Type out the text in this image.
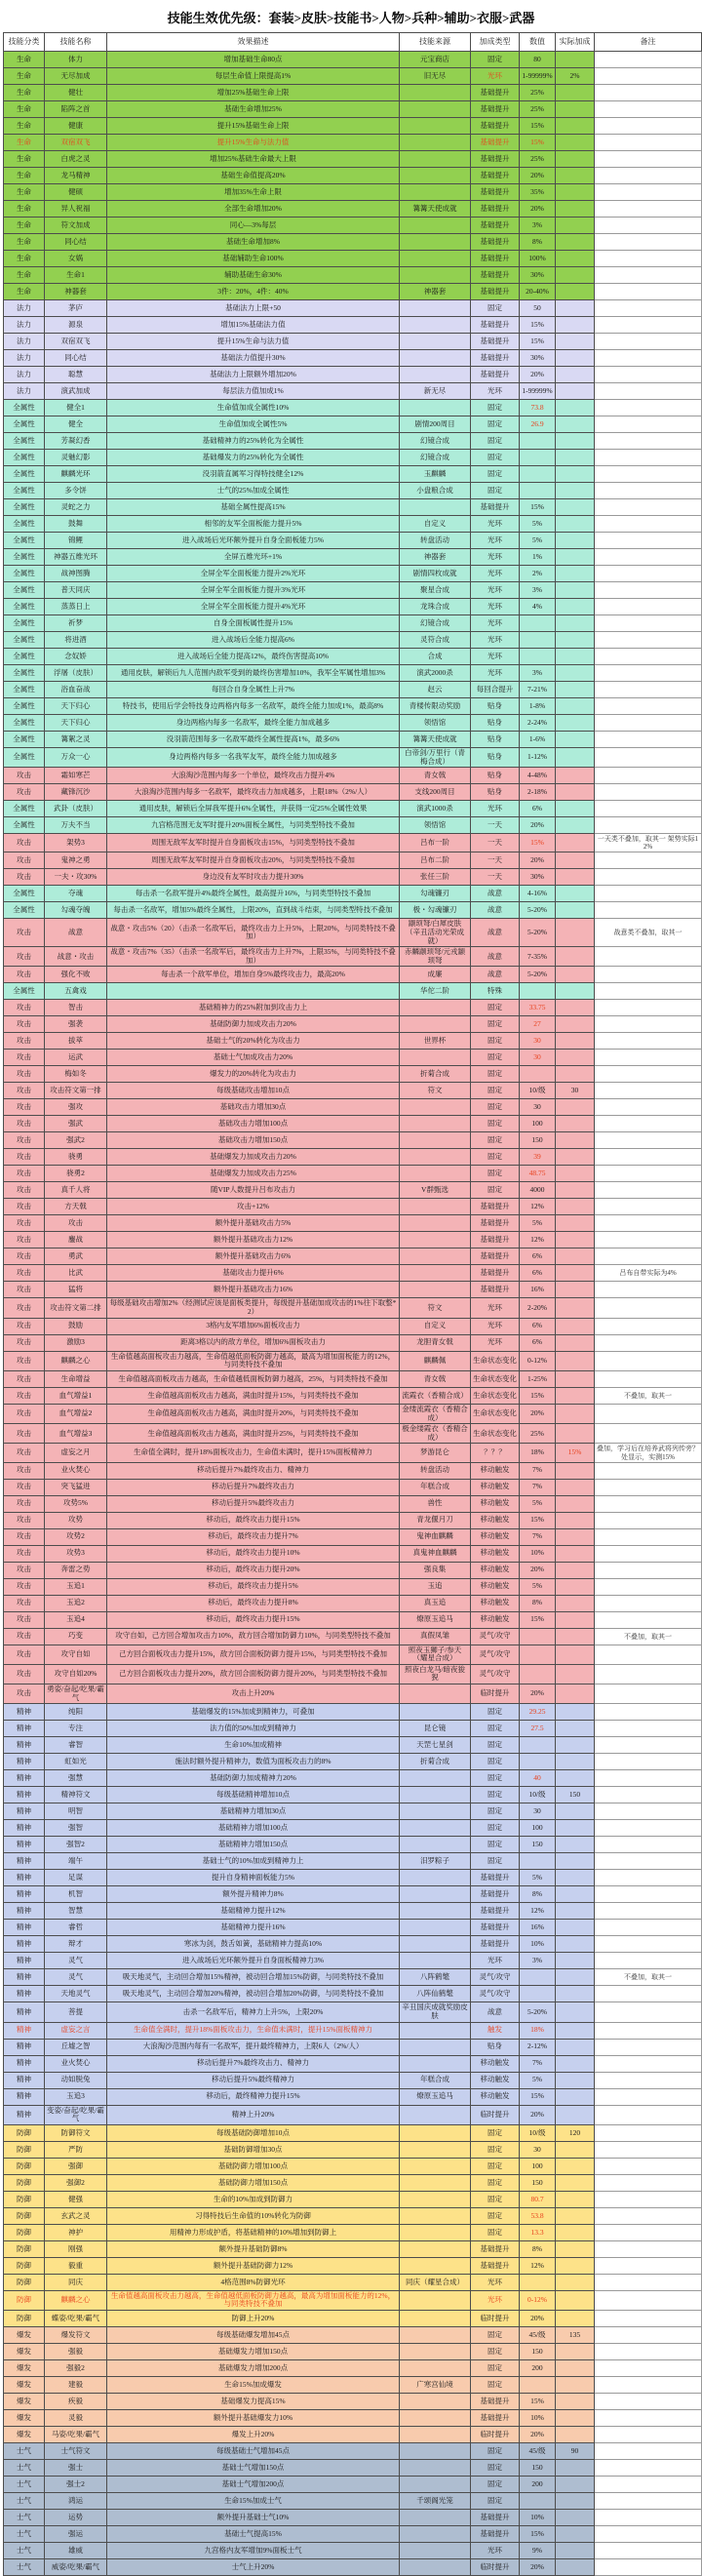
技能生效优先级：套装>皮肤>技能书>人物>兵种>辅助>衣服>武器
技能分类	技能名称	效果描述	技能来源	加成类型	数值	实际加成	备注
生命	体力	增加基础生命80点	元宝商店	固定	80		
生命	无尽加成	每层生命值上限提高1%	旧无尽	光环	1-99999%	2%	
生命	健壮	增加25%基础生命上限		基础提升	25%		
生命	陷阵之首	基础生命增加25%		基础提升	25%		
生命	健康	提升15%基础生命上限		基础提升	15%		
生命	双宿双飞	提升15%生命与法力值		基础提升	15%		
生命	白虎之灵	增加25%基础生命最大上限		基础提升	25%		
生命	龙马精神	基础生命值提高20%		基础提升	20%		
生命	健硕	增加35%生命上限		基础提升	35%		
生命	异人祝福	全部生命增加20%	篝篝天使成就	基础提升	20%		
生命	符文加成	同心—3%每层		基础提升	3%		
生命	同心结	基础生命增加8%		基础提升	8%		
生命	女娲	基础辅助生命100%		基础提升	100%		
生命	生命1	辅助基础生命30%		基础提升	30%		
生命	神器套	3件：20%，4件：40%	神器套	基础提升	20-40%		
法力	茅庐	基础法力上限+50		固定	50		
法力	源泉	增加15%基础法力值		基础提升	15%		
法力	双宿双飞	提升15%生命与法力值		基础提升	15%		
法力	同心结	基础法力值提升30%		基础提升	30%		
法力	聪慧	基础法力上限额外增加20%		基础提升	20%		
法力	演武加成	每层法力值加成1%	新无尽	光环	1-99999%		
全属性	健全1	生命值加成全属性10%		固定	73.8		
全属性	健全	生命值加成全属性5%	剧情200周目	固定	26.9		
全属性	芳凝幻香	基础精神力的25%转化为全属性	幻镜合成	固定			
全属性	灵魅幻影	基础爆发力的25%转化为全属性	幻镜合成	固定			
全属性	麒麟光环	没羽箭直属军习得特技健全12%	玉麒麟	固定			
全属性	多令饼	士气的25%加成全属性	小盘粮合成	固定			
全属性	灵蛇之力	基础全属性提高15%		基础提升	15%		
全属性	鼓舞	相邻的友军全面板能力提升5%	自定义	光环	5%		
全属性	锦鲤	进入战场后光环额外提升自身全面板能力5%	转盘活动	光环	5%		
全属性	神器五维光环	全屏五维光环+1%	神器套	光环	1%		
全属性	战神图腾	全屏全军全面板能力提升2%光环	剧情四枚成就	光环	2%		
全属性	普天同庆	全屏全军全面板能力提升3%光环	聚星合成	光环	3%		
全属性	蒸蒸日上	全屏全军全面板能力提升4%光环	龙珠合成	光环	4%		
全属性	祈梦	自身全面板属性提升15%	幻镜合成	光环			
全属性	将进酒	进入战场后全能力提高6%	灵符合成	光环			
全属性	念奴娇	进入战场后全能力提高12%，最终伤害提高10%	合成	光环			
全属性	浮屠（皮肤）	通用皮肤，解锁后九人范围内敌军受到的最终伤害增加10%，我军全军属性增加3%	演武2000杀	光环	3%		
全属性	浴血奋战	每回合自身全属性上升7%	赵云	每回合提升	7-21%		
全属性	天下归心	特技书，使用后学会特技身边两格内每多一名敌军，最终全能力加成1%，最高8%	青楼传限动奖励	贴身	1-8%		
全属性	天下归心	身边两格内每多一名敌军，最终全能力加成越多	领悟馆	贴身	2-24%		
全属性	篝絮之灵	没羽箭范围每多一名敌军最终全属性提高1%，最多6%	篝篝天使成就	贴身	1-6%		
全属性	万众一心	身边两格内每多一名我军友军，最终全能力加成越多	白帝剑/万里行（青梅合成）	贴身	1-12%		
攻击	霜如寒芒	大浪淘沙范围内每多一个单位，最终攻击力提升4%	青女戟	贴身	4-48%		
攻击	藏锋沉沙	大浪淘沙范围内每多一名敌军，最终攻击力加成越多，上限18%（2%/人）	支线200周目	贴身	2-18%		
全属性	武卦（皮肤）	通用皮肤，解锁后全屏我军提升6%全属性，并获得一定25%全属性效果	演武1000杀	光环	6%		
全属性	万夫不当	九宫格范围无友军时提升20%面板全属性，与同类型特技不叠加	领悟馆	一天	20%		
攻击	架势3	周围无敌军友军时提升自身面板攻击15%，与同类型特技不叠加	吕布一阶	一天	15%		一天类不叠加，取其一 架势实际12%
攻击	鬼神之勇	周围无敌军友军时提升自身面板攻击20%，与同类型特技不叠加	吕布二阶	一天	20%		
攻击	一夫・攻30%	身边没有友军时攻击力提升30%	张任三阶	一天	30%		
全属性	夺魂	每击杀一名敌军提升4%最终全属性，最高提升16%，与同类型特技不叠加	勾魂镰刃	战意	4-16%		
全属性	勾魂夺魄	每击杀一名敌军，增加5%最终全属性，上限20%，直到战斗结束，与同类型特技不叠加	极・勾魂镰刃	战意	5-20%		
攻击	战意	战意・攻击5%（20）（击杀一名敌军后，最终攻击力上升5%，上限20%，与同类特技不叠加）	颛顼弩/白犀皮肤（辛丑活动光荣成就）	战意	5-20%		战意类不叠加，取其一
攻击	战意・攻击	战意・攻击7%（35）（击杀一名敌军后，最终攻击力上升7%，上限35%，与同类特技不叠加）	赤麟颛顼弩/元戎颛顼弩	战意	7-35%		
攻击	强化不败	每击杀一个敌军单位，增加自身5%最终攻击力，最高20%	成廉	战意	5-20%		
全属性	五禽戏		华佗二阶	特殊			
攻击	智击	基础精神力的25%附加到攻击力上		固定	33.75		
攻击	强袭	基础防御力加成攻击力20%		固定	27		
攻击	拔萃	基础士气的20%转化为攻击力	世界杯	固定	30		
攻击	运武	基础士气加成攻击力20%		固定	30		
攻击	梅如冬	爆发力的20%转化为攻击力	折菊合成	固定			
攻击	攻击符文第一排	每级基础攻击增加10点	符文	固定	10/级	30	
攻击	强攻	基础攻击力增加30点		固定	30		
攻击	强武	基础攻击力增加100点		固定	100		
攻击	强武2	基础攻击力增加150点		固定	150		
攻击	骁勇	基础爆发力加成攻击力20%		固定	39		
攻击	骁勇2	基础爆发力加成攻击力25%		固定	48.75		
攻击	真千人将	随VIP人数提升吕布攻击力	V群甄选	固定	4000		
攻击	方天戟	攻击+12%		基础提升	12%		
攻击	攻击	额外提升基础攻击力5%		基础提升	5%		
攻击	鏖战	额外提升基础攻击力12%		基础提升	12%		
攻击	勇武	额外提升基础攻击力6%		基础提升	6%		
攻击	比武	基础攻击力提升6%		基础提升	6%		吕布自带实际为4%
攻击	猛将	额外提升基础攻击力16%		基础提升	16%		
攻击	攻击符文第二排	每级基础攻击增加2%（经测试应该是面板类提升，每级提升基础加成攻击的1%往下取整*2）	符文	光环	2-20%		
攻击	鼓励	3格内友军增加6%面板攻击力	自定义	光环	6%		
攻击	激励3	距离3格以内的敌方单位，增加6%面板攻击力	龙胆青女戟	光环	6%		
攻击	麒麟之心	生命值越高面板攻击力越高，生命值越低面板防御力越高，最高为增加面板能力的12%，与同类特技不叠加	麒麟佩	生命状态变化	0-12%		
攻击	生命增益	生命值越高面板攻击力越高，生命值越低面板防御力越高，25%，与同类特技不叠加	青女戟	生命状态变化	1-25%		
攻击	血气增益1	生命值越高面板攻击力越高，满血时提升15%，与同类特技不叠加	流霞衣（香精合成）	生命状态变化	15%		不叠加，取其一
攻击	血气增益2	生命值越高面板攻击力越高，满血时提升20%，与同类特技不叠加	金缕流霞衣（香精合成）	生命状态变化	20%		
攻击	血气增益3	生命值越高面板攻击力越高，满血时提升25%，与同类特技不叠加	极金缕霞衣（香精合成）	生命状态变化	25%		
攻击	虚妄之月	生命值全满时，提升18%面板攻击力，生命值未满时，提升15%面板精神力	梦游昆仑	？？？	18%	15%	叠加，学习后在培养武将列传旁？处显示，实测15%
攻击	业火焚心	移动后提升7%最终攻击力、精神力	转盘活动	移动触发	7%		
攻击	突飞猛进	移动后提升7%最终攻击力	年糕合成	移动触发	7%		
攻击	攻势5%	移动后提升5%最终攻击力	兽性	移动触发	5%		
攻击	攻势	移动后，最终攻击力提升15%	青龙偃月刀	移动触发	15%		
攻击	攻势2	移动后，最终攻击力提升7%	鬼神血麒麟	移动触发	7%		
攻击	攻势3	移动后，最终攻击力提升10%	真鬼神血麒麟	移动触发	10%		
攻击	奔雷之势	移动后，最终攻击力提升20%	强良集	移动触发	20%		
攻击	玉追1	移动后，最终攻击力提升5%	玉追	移动触发	5%		
攻击	玉追2	移动后，最终攻击力提升8%	真玉追	移动触发	8%		
攻击	玉追4	移动后，最终攻击力提升15%	燎原玉追马	移动触发	15%		
攻击	巧变	攻守自如，己方回合增加攻击力10%，敌方回合增加防御力10%，与同类型特技不叠加	真假凤雏	灵气/攻守			不叠加，取其一
攻击	攻守自如	己方回合面板攻击力提升15%，敌方回合面板防御力提升15%，与同类型特技不叠加	照夜玉狮子/参天（耀星合成）	灵气/攻守			
攻击	攻守自如20%	己方回合面板攻击力提升20%，敌方回合面板防御力提升20%，与同类型特技不叠加	照夜白龙马/暗夜狻猊	灵气/攻守			
攻击	勇姿/奋起/吃果/霸气	攻击上升20%		临时提升	20%		
精神	纯阳	基础爆发的15%加成到精神力，可叠加		固定	29.25		
精神	专注	法力值的50%加成到精神力	昆仑镜	固定	27.5		
精神	睿智	生命10%加成精神	天罡七星剑	固定			
精神	虹如光	施法时额外提升精神力，数值为面板攻击力的8%	折菊合成	固定			
精神	强慧	基础防御力加成精神力20%		固定	40		
精神	精神符文	每级基础精神增加10点		固定	10/级	150	
精神	明智	基础精神力增加30点		固定	30		
精神	强智	基础精神力增加100点		固定	100		
精神	强智2	基础精神力增加150点		固定	150		
精神	端午	基础士气的10%加成到精神力上	汨罗粽子	固定			
精神	足谋	提升自身精神面板能力5%		基础提升	5%		
精神	机智	额外提升精神力8%		基础提升	8%		
精神	智慧	基础精神力提升12%		基础提升	12%		
精神	睿哲	基础精神力提升16%		基础提升	16%		
精神	辩才	寒冰为剑，鼓舌如簧，基础精神力提高10%		基础提升	10%		
精神	灵气	进入战场后光环额外提升自身面板精神力3%		光环	3%		
精神	灵气	吸天地灵气，主动回合增加15%精神，被动回合增加15%防御，与同类特技不叠加	八阵鹤氅	灵气/攻守			不叠加，取其一
精神	天地灵气	吸天地灵气，主动回合增加20%精神，被动回合增加20%防御，与同类特技不叠加	八阵仙鹤氅	灵气/攻守			
精神	菩提	击杀一名敌军后，精神力上升5%，上限20%	辛丑国庆成就奖励皮肤	战意	5-20%		
精神	虚妄之言	生命值全满时，提升18%面板攻击力，生命值未满时，提升15%面板精神力		触发	18%		
精神	丘墟之智	大浪淘沙范围内每有一名敌军，提升最终精神力，上限6人（2%/人）		贴身	2-12%		
精神	业火焚心	移动后提升7%最终攻击力、精神力		移动触发	7%		
精神	动如脱兔	移动后提升5%最终精神力	年糕合成	移动触发	5%		
精神	玉追3	移动后，最终精神力提升15%	燎原玉追马	移动触发	15%		
精神	变姿/奋起/吃果/霸气	精神上升20%		临时提升	20%		
防御	防御符文	每级基础防御增加10点		固定	10/级	120	
防御	严防	基础防御增加30点		固定	30		
防御	强御	基础防御力增加100点		固定	100		
防御	强御2	基础防御力增加150点		固定	150		
防御	健强	生命的10%加成到防御力		固定	80.7		
防御	玄武之灵	习得特技后生命值的10%转化为防御		固定	53.8		
防御	神护	用精神力形成护盾，将基础精神的10%增加到防御上		固定	13.3		
防御	刚强	额外提升基础防御8%		基础提升	8%		
防御	毅重	额外提升基础防御力12%		基础提升	12%		
防御	同庆	4格范围8%防御光环	同庆（耀星合成）	光环			
防御	麒麟之心	生命值越高面板攻击力越高，生命值越低面板防御力越高，最高为增加面板能力的12%，与同类特技不叠加		光环	0-12%		
防御	蝶姿/吃果/霸气	防御上升20%		临时提升	20%		
爆发	爆发符文	每级基础爆发增加45点		固定	45/级	135	
爆发	强毅	基础爆发力增加150点		固定	150		
爆发	强毅2	基础爆发力增加200点		固定	200		
爆发	建毅	生命15%加成爆发	广寒宫仙境	固定			
爆发	疾毅	基础爆发力提高15%		基础提升	15%		
爆发	灵毅	额外提升基础爆发力10%		基础提升	10%		
爆发	马姿/吃果/霸气	爆发上升20%		临时提升	20%		
士气	士气符文	每级基础士气增加45点		固定	45/级	90	
士气	强士	基础士气增加150点		固定	150		
士气	强士2	基础士气增加200点		固定	200		
士气	鸿运	生命15%加成士气	千颂阁光笼	固定			
士气	运势	额外提升基础士气10%		基础提升	10%		
士气	强运	基础士气提高15%		基础提升	15%		
士气	雄威	九宫格内友军增加9%面板士气		光环	9%		
士气	威姿/吃果/霸气	士气上升20%		临时提升	20%		
